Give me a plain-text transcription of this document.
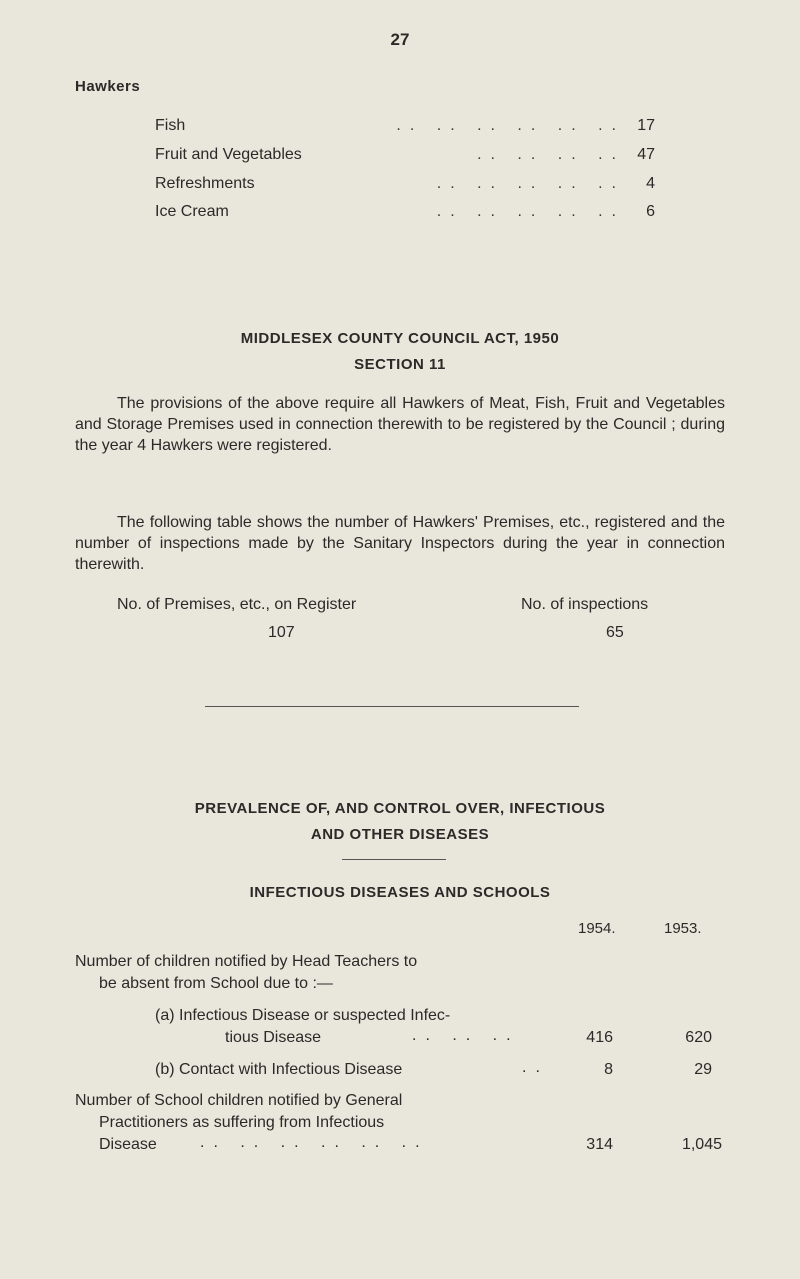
27
Hawkers
.. .. .. .. .. ..
Fish	17
.. .. .. ..
Fruit and Vegetables	47
.. .. .. .. ..
Refreshments	4
.. .. .. .. ..
Ice Cream	6
MIDDLESEX COUNTY COUNCIL ACT, 1950
SECTION 11
The provisions of the above require all Hawkers of Meat, Fish, Fruit and Vegetables and Storage Premises used in connection therewith to be registered by the Council ; during the year 4 Hawkers were registered.
The following table shows the number of Hawkers' Premises, etc., registered and the number of inspections made by the Sanitary Inspectors during the year in connection therewith.
No. of Premises, etc., on Register	No. of inspections
107	65
PREVALENCE OF, AND CONTROL OVER, INFECTIOUS
AND OTHER DISEASES
INFECTIOUS DISEASES AND SCHOOLS
1954.	1953.
Number of children notified by Head Teachers to
be absent from School due to :—
(a) Infectious Disease or suspected Infec-
tious Disease	.. .. ..	416	620
(b) Contact with Infectious Disease	..	8	29
Number of School children notified by General
Practitioners as suffering from Infectious
Disease	.. .. .. .. .. ..	314	1,045
